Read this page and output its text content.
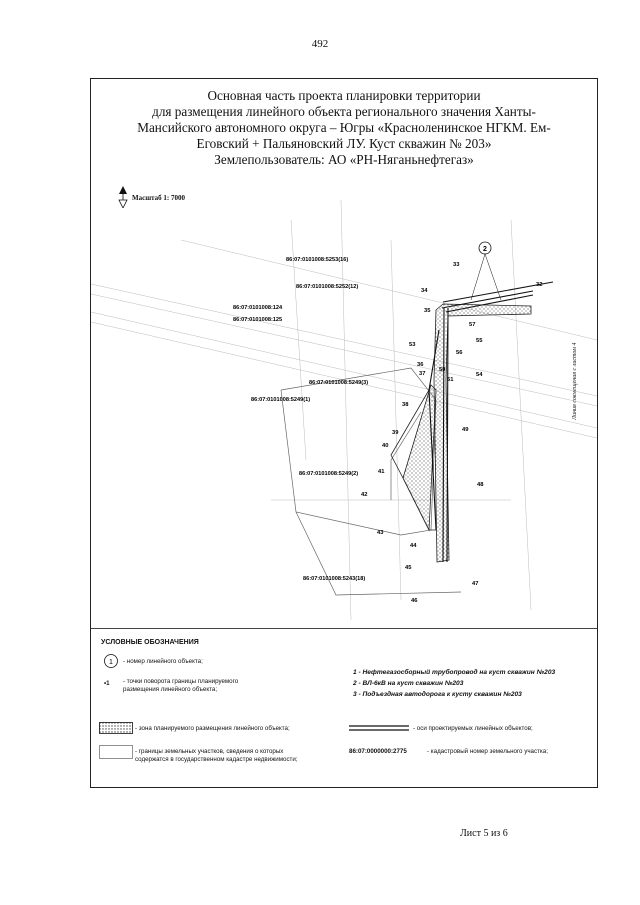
492
Основная часть проекта планировки территории
для размещения линейного объекта регионального значения Ханты-
Мансийского автономного округа – Югры «Красноленинское НГКМ. Ем-
Еговский + Пальяновский ЛУ. Куст скважин № 203»
Землепользователь: АО «РН-Няганьнефтегаз»
Масштаб 1: 7000
Линия совмещения с листом 4
2
86:07:0101008:5253(16)
86:07:0101008:5252(12)
86:07:0101008:124
86:07:0101008:125
86:07:0101008:5249(3)
86:07:0101008:5249(1)
86:07:0101008:5249(2)
86:07:0101008:5243(18)
32
33
34
35
36
37
38
39
40
41
42
43
44
45
46
47
48
49
50
51
53
54
55
56
57
УСЛОВНЫЕ ОБОЗНАЧЕНИЯ
1 - номер линейного объекта;
•1 - точки поворота границы планируемого
размещения линейного объекта;
1 - Нефтегазосборный трубопровод на куст скважин №203
2 - ВЛ-6кВ на куст скважин №203
3 - Подъездная автодорога к кусту скважин №203
- зона планируемого размещения линейного объекта;
- границы земельных участков, сведения о которых
содержатся в государственном кадастре недвижимости;
- оси проектируемых линейных объектов;
86:07:0000000:2775	- кадастровый номер земельного участка;
Лист 5 из 6
